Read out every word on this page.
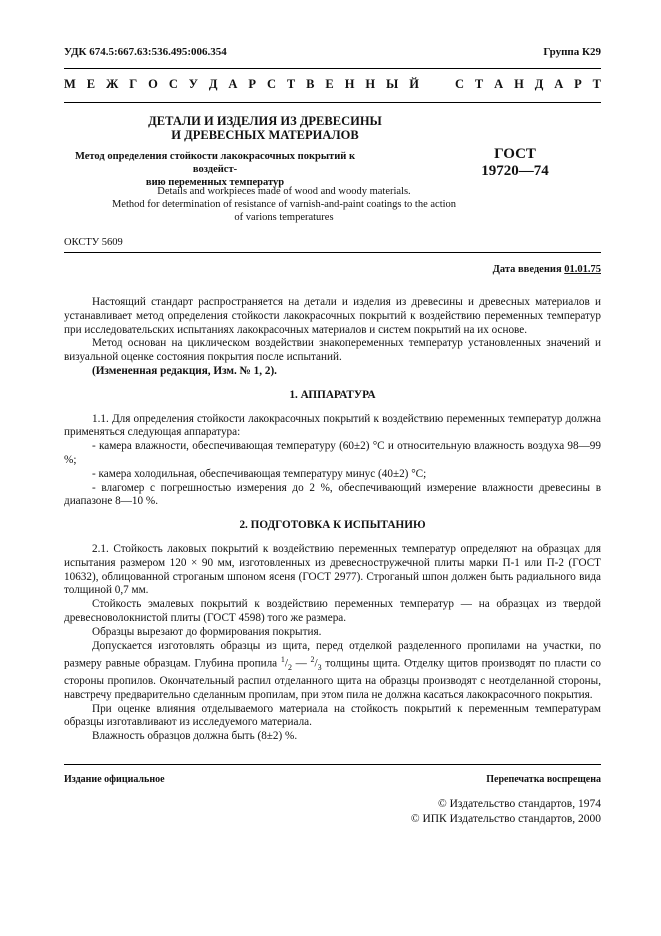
УДК 674.5:667.63:536.495:006.354	Группа К29
М Е Ж Г О С У Д А Р С Т В Е Н Н Ы Й	С Т А Н Д А Р Т
ДЕТАЛИ И ИЗДЕЛИЯ ИЗ ДРЕВЕСИНЫ
И ДРЕВЕСНЫХ МАТЕРИАЛОВ
Метод определения стойкости лакокрасочных покрытий к воздейст-
вию переменных температур
ГОСТ
19720—74
Details and workpieces made of wood and woody materials.
Method for determination of resistance of varnish-and-paint coatings to the action
of varions temperatures
ОКСТУ 5609
Дата введения 01.01.75

Настоящий стандарт распространяется на детали и изделия из древесины и древесных материалов и устанавливает метод определения стойкости лакокрасочных покрытий к воздействию переменных температур при исследовательских испытаниях лакокрасочных материалов и систем покрытий на их основе.

Метод основан на циклическом воздействии знакопеременных температур установленных значений и визуальной оценке состояния покрытия после испытаний.

(Измененная редакция, Изм. № 1, 2).

1. АППАРАТУРА

1.1. Для определения стойкости лакокрасочных покрытий к воздействию переменных температур должна применяться следующая аппаратура:

- камера влажности, обеспечивающая температуру (60±2) °С и относительную влажность воздуха 98—99 %;

- камера холодильная, обеспечивающая температуру минус (40±2) °С;

- влагомер с погрешностью измерения до 2 %, обеспечивающий измерение влажности древесины в диапазоне 8—10 %.

2. ПОДГОТОВКА К ИСПЫТАНИЮ

2.1. Стойкость лаковых покрытий к воздействию переменных температур определяют на образцах для испытания размером 120 × 90 мм, изготовленных из древесностружечной плиты марки П-1 или П-2 (ГОСТ 10632), облицованной строганым шпоном ясеня (ГОСТ 2977). Строганый шпон должен быть радиального вида толщиной 0,7 мм.

Стойкость эмалевых покрытий к воздействию переменных температур — на образцах из твердой древесноволокнистой плиты (ГОСТ 4598) того же размера.

Образцы вырезают до формирования покрытия.

Допускается изготовлять образцы из щита, перед отделкой разделенного пропилами на участки, по размеру равные образцам. Глубина пропила $^1/_2$ — $^2/_3$ толщины щита. Отделку щитов производят по пласти со стороны пропилов. Окончательный распил отделанного щита на образцы производят с неотделанной стороны, навстречу предварительно сделанным пропилам, при этом пила не должна касаться лакокрасочного покрытия.

При оценке влияния отделываемого материала на стойкость покрытий к переменным температурам образцы изготавливают из исследуемого материала.

Влажность образцов должна быть (8±2) %.

Издание официальное	Перепечатка воспрещена
© Издательство стандартов, 1974
© ИПК Издательство стандартов, 2000
